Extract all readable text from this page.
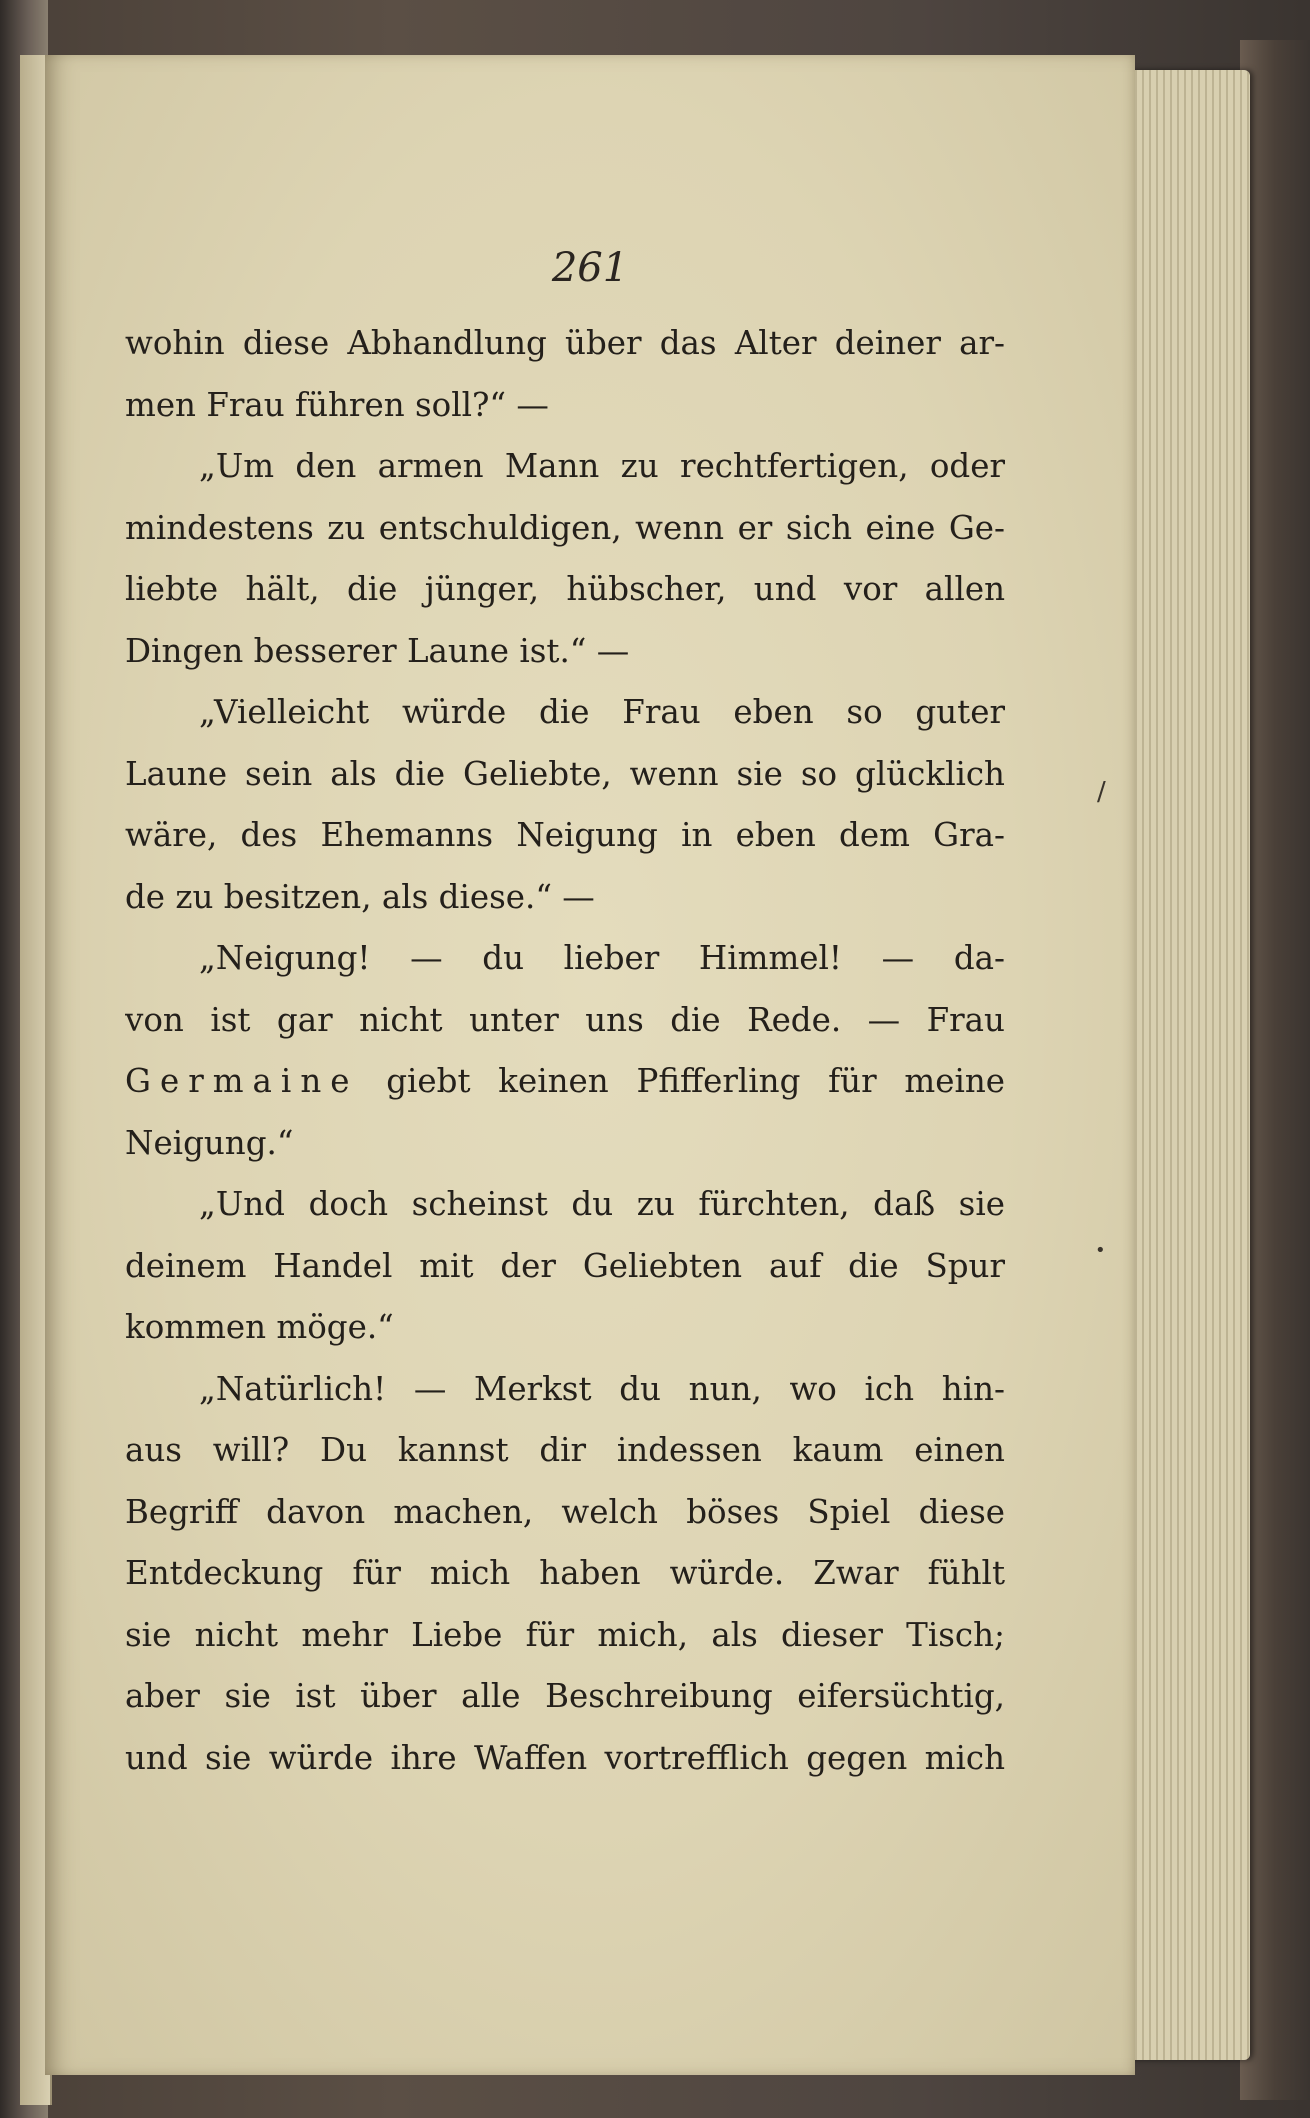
261
wohin diese Abhandlung über das Alter deiner ar-
men Frau führen soll?“ —
„Um den armen Mann zu rechtfertigen, oder
mindestens zu entschuldigen, wenn er sich eine Ge-
liebte hält, die jünger, hübscher, und vor allen
Dingen besserer Laune ist.“ —
„Vielleicht würde die Frau eben so guter
Laune sein als die Geliebte, wenn sie so glücklich
wäre, des Ehemanns Neigung in eben dem Gra-
de zu besitzen, als diese.“ —
„Neigung! — du lieber Himmel! — da-
von ist gar nicht unter uns die Rede. — Frau
Germaine giebt keinen Pfifferling für meine
Neigung.“
„Und doch scheinst du zu fürchten, daß sie
deinem Handel mit der Geliebten auf die Spur
kommen möge.“
„Natürlich! — Merkst du nun, wo ich hin-
aus will? Du kannst dir indessen kaum einen
Begriff davon machen, welch böses Spiel diese
Entdeckung für mich haben würde. Zwar fühlt
sie nicht mehr Liebe für mich, als dieser Tisch;
aber sie ist über alle Beschreibung eifersüchtig,
und sie würde ihre Waffen vortrefflich gegen mich
/
•
